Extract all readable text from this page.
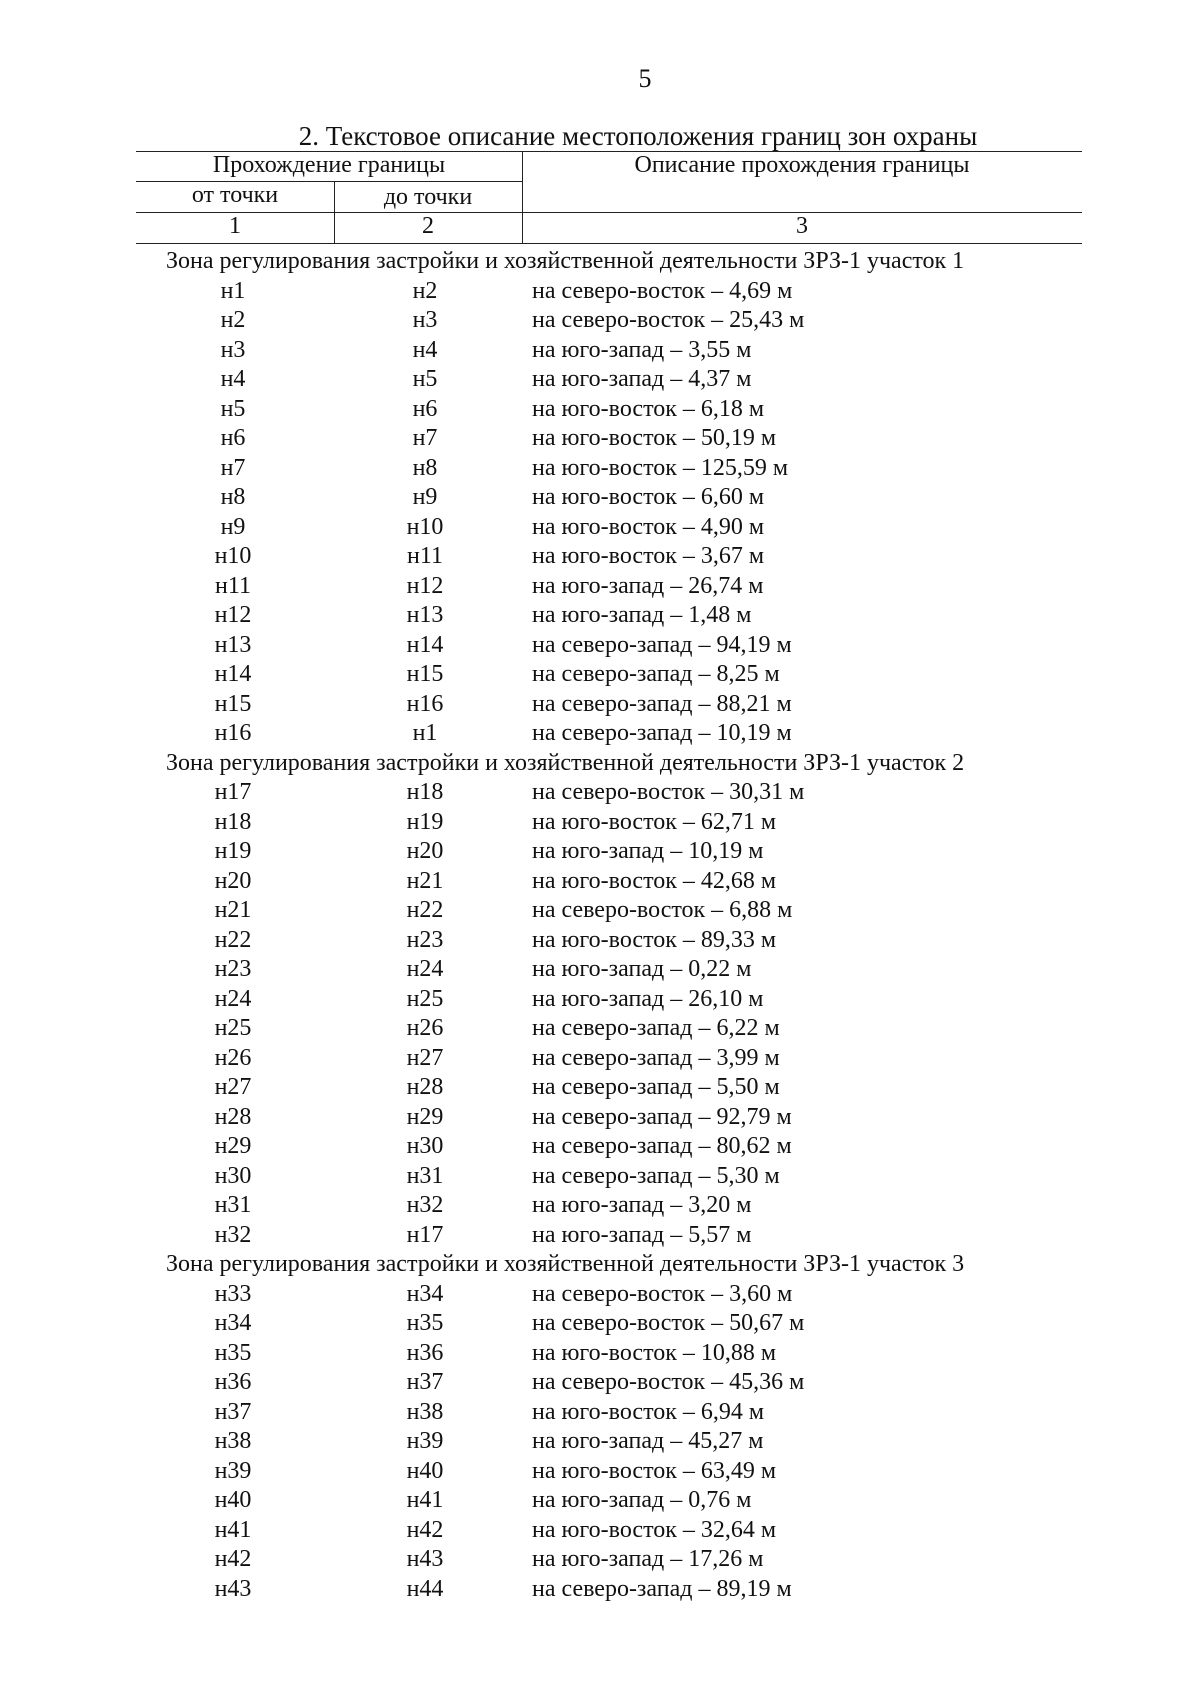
5
2. Текстовое описание местоположения границ зон охраны
Прохождение границы	Описание прохождения границы
от точки	до точки
1	2	3
Зона регулирования застройки и хозяйственной деятельности ЗРЗ-1 участок 1
н1	н2	на северо-восток – 4,69 м
н2	н3	на северо-восток – 25,43 м
н3	н4	на юго-запад – 3,55 м
н4	н5	на юго-запад – 4,37 м
н5	н6	на юго-восток – 6,18 м
н6	н7	на юго-восток – 50,19 м
н7	н8	на юго-восток – 125,59 м
н8	н9	на юго-восток – 6,60 м
н9	н10	на юго-восток – 4,90 м
н10	н11	на юго-восток – 3,67 м
н11	н12	на юго-запад – 26,74 м
н12	н13	на юго-запад – 1,48 м
н13	н14	на северо-запад – 94,19 м
н14	н15	на северо-запад – 8,25 м
н15	н16	на северо-запад – 88,21 м
н16	н1	на северо-запад – 10,19 м
Зона регулирования застройки и хозяйственной деятельности ЗРЗ-1 участок 2
н17	н18	на северо-восток – 30,31 м
н18	н19	на юго-восток – 62,71 м
н19	н20	на юго-запад – 10,19 м
н20	н21	на юго-восток – 42,68 м
н21	н22	на северо-восток – 6,88 м
н22	н23	на юго-восток – 89,33 м
н23	н24	на юго-запад – 0,22 м
н24	н25	на юго-запад – 26,10 м
н25	н26	на северо-запад – 6,22 м
н26	н27	на северо-запад – 3,99 м
н27	н28	на северо-запад – 5,50 м
н28	н29	на северо-запад – 92,79 м
н29	н30	на северо-запад – 80,62 м
н30	н31	на северо-запад – 5,30 м
н31	н32	на юго-запад – 3,20 м
н32	н17	на юго-запад – 5,57 м
Зона регулирования застройки и хозяйственной деятельности ЗРЗ-1 участок 3
н33	н34	на северо-восток – 3,60 м
н34	н35	на северо-восток – 50,67 м
н35	н36	на юго-восток – 10,88 м
н36	н37	на северо-восток – 45,36 м
н37	н38	на юго-восток – 6,94 м
н38	н39	на юго-запад – 45,27 м
н39	н40	на юго-восток – 63,49 м
н40	н41	на юго-запад – 0,76 м
н41	н42	на юго-восток – 32,64 м
н42	н43	на юго-запад – 17,26 м
н43	н44	на северо-запад – 89,19 м
